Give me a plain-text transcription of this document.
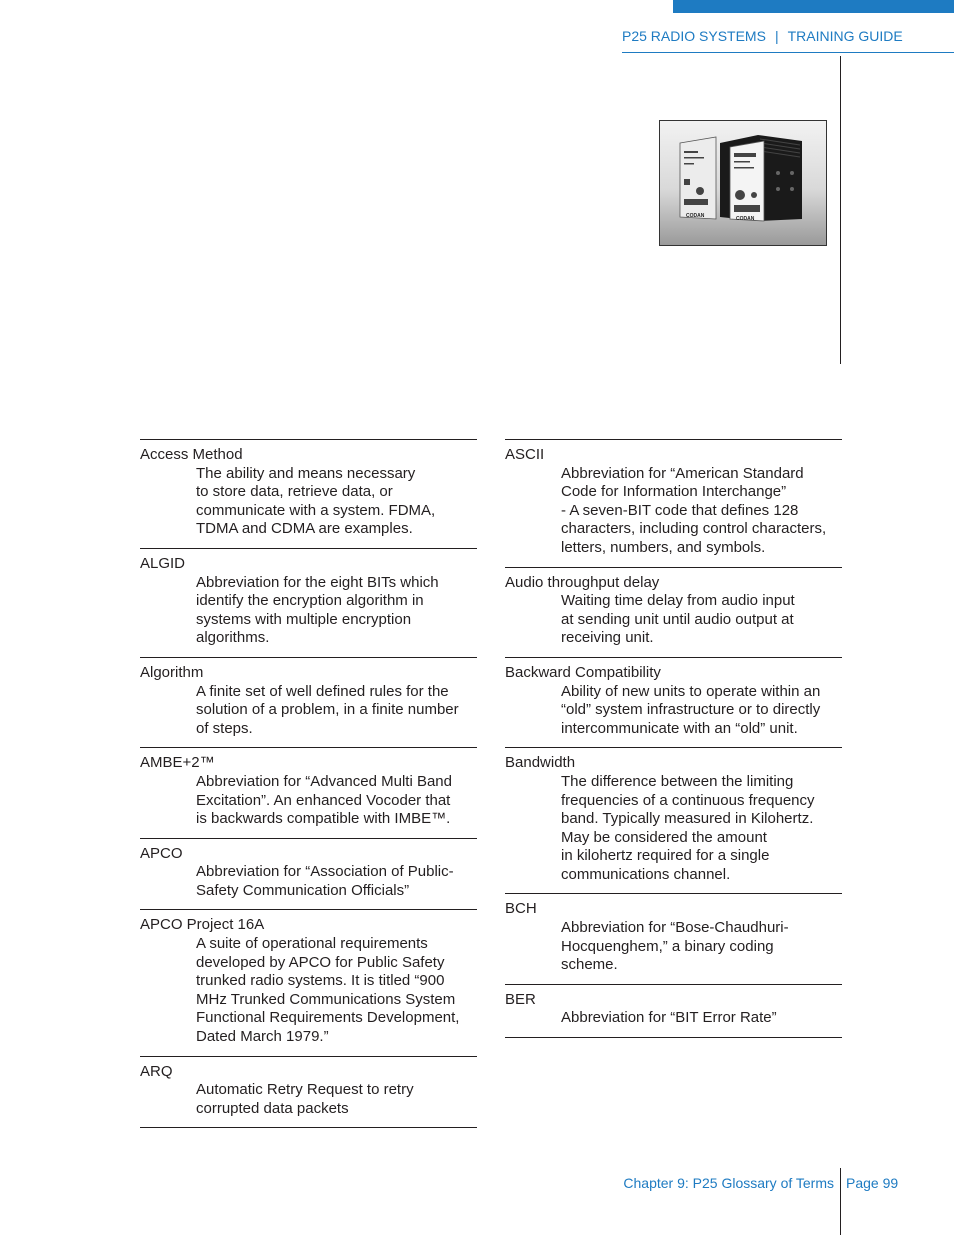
P25 RADIO SYSTEMS | TRAINING GUIDE
CODAN	CODAN
Access Method
The ability and means necessary
to store data, retrieve data, or
communicate with a system. FDMA,
TDMA and CDMA are examples.
ALGID
Abbreviation for the eight BITs which
identify the encryption algorithm in
systems with multiple encryption
algorithms.
Algorithm
A finite set of well defined rules for the
solution of a problem, in a finite number
of steps.
AMBE+2™
Abbreviation for “Advanced Multi Band
Excitation”. An enhanced Vocoder that
is backwards compatible with IMBE™.
APCO
Abbreviation for “Association of Public-
Safety Communication Officials”
APCO Project 16A
A suite of operational requirements
developed by APCO for Public Safety
trunked radio systems. It is titled “900
MHz Trunked Communications System
Functional Requirements Development,
Dated March 1979.”
ARQ
Automatic Retry Request to retry
corrupted data packets
ASCII
Abbreviation for “American Standard
Code for Information Interchange”
- A seven-BIT code that defines 128
characters, including control characters,
letters, numbers, and symbols.
Audio throughput delay
Waiting time delay from audio input
at sending unit until audio output at
receiving unit.
Backward Compatibility
Ability of new units to operate within an
“old” system infrastructure or to directly
intercommunicate with an “old” unit.
Bandwidth
The difference between the limiting
frequencies of a continuous frequency
band. Typically measured in Kilohertz.
May be considered the amount
in kilohertz required for a single
communications channel.
BCH
Abbreviation for “Bose-Chaudhuri-
Hocquenghem,” a binary coding
scheme.
BER
Abbreviation for “BIT Error Rate”
Chapter 9: P25 Glossary of Terms Page 99
